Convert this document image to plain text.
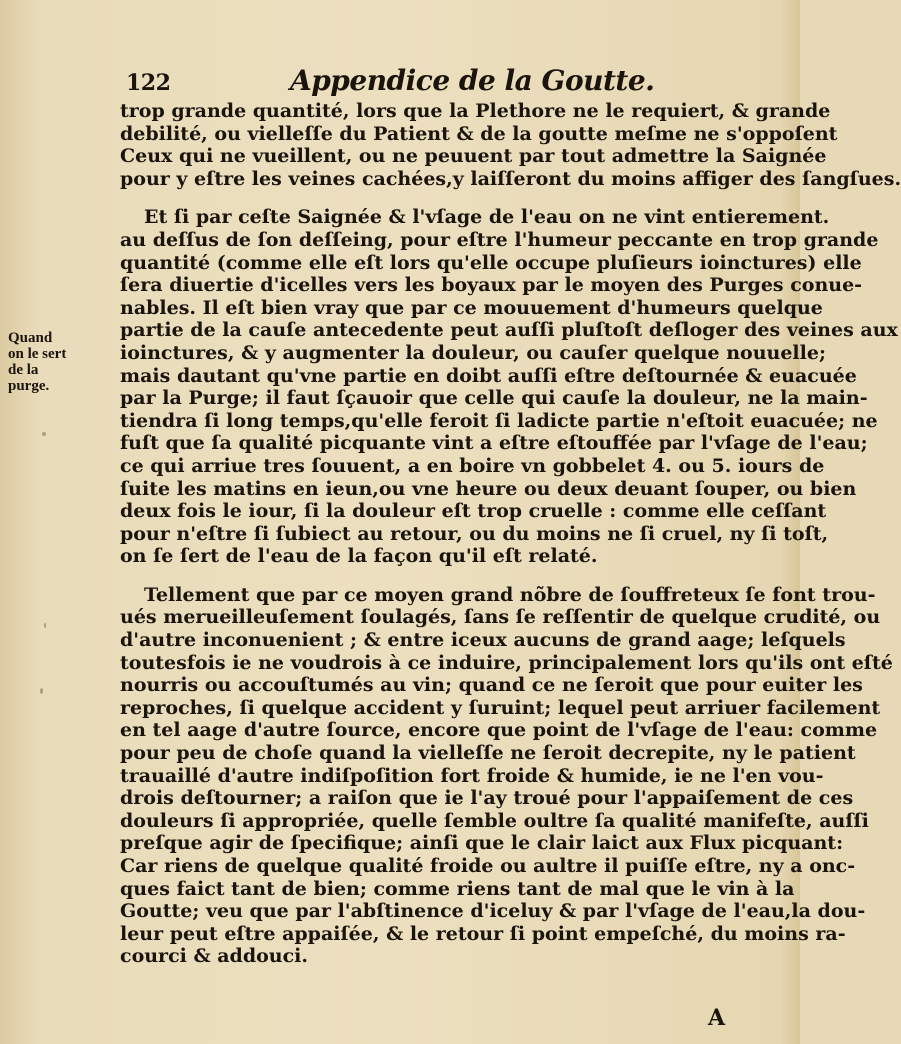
122	Appendice de la Goutte.
Quand
on le sert
de la
purge.
trop grande quantité, lors que la Plethore ne le requiert, & grande
debilité, ou vielleſſe du Patient & de la goutte meſme ne s'oppoſent
Ceux qui ne vueillent, ou ne peuuent par tout admettre la Saignée
pour y eſtre les veines cachées,y laiſſeront du moins affiger des ſangſues.
Et ſi par ceſte Saignée & l'vſage de l'eau on ne vint entierement.
au deſſus de ſon deſſeing, pour eſtre l'humeur peccante en trop grande
quantité (comme elle eſt lors qu'elle occupe pluſieurs ioinctures) elle
ſera diuertie d'icelles vers les boyaux par le moyen des Purges conue-
nables. Il eſt bien vray que par ce mouuement d'humeurs quelque
partie de la cauſe antecedente peut auſſi pluſtoſt deſloger des veines aux
ioinctures, & y augmenter la douleur, ou cauſer quelque nouuelle;
mais dautant qu'vne partie en doibt auſſi eſtre deſtournée & euacuée
par la Purge; il faut ſçauoir que celle qui cauſe la douleur, ne la main-
tiendra ſi long temps,qu'elle feroit ſi ladicte partie n'eſtoit euacuée; ne
fuſt que ſa qualité picquante vint a eſtre eſtouffée par l'vſage de l'eau;
ce qui arriue tres ſouuent, a en boire vn gobbelet 4. ou 5. iours de
ſuite les matins en ieun,ou vne heure ou deux deuant ſouper, ou bien
deux fois le iour, ſi la douleur eſt trop cruelle : comme elle ceſſant
pour n'eſtre ſi ſubiect au retour, ou du moins ne ſi cruel, ny ſi toſt,
on ſe ſert de l'eau de la façon qu'il eſt relaté.
Tellement que par ce moyen grand nõbre de ſouffreteux ſe font trou-
ués merueilleuſement ſoulagés, ſans ſe reſſentir de quelque crudité, ou
d'autre inconuenient ; & entre iceux aucuns de grand aage; leſquels
toutesfois ie ne voudrois à ce induire, principalement lors qu'ils ont eſté
nourris ou accouſtumés au vin; quand ce ne ſeroit que pour euiter les
reproches, ſi quelque accident y ſuruint; lequel peut arriuer facilement
en tel aage d'autre ſource, encore que point de l'vſage de l'eau: comme
pour peu de choſe quand la vielleſſe ne ſeroit decrepite, ny le patient
trauaillé d'autre indiſpoſition fort froide & humide, ie ne l'en vou-
drois deſtourner; a raiſon que ie l'ay troué pour l'appaiſement de ces
douleurs ſi appropriée, quelle ſemble oultre ſa qualité manifeſte, auſſi
preſque agir de ſpecifique; ainſi que le clair laict aux Flux picquant:
Car riens de quelque qualité froide ou aultre il puiſſe eſtre, ny a onc-
ques faict tant de bien; comme riens tant de mal que le vin à la
Goutte; veu que par l'abſtinence d'iceluy & par l'vſage de l'eau,la dou-
leur peut eſtre appaiſée, & le retour ſi point empeſché, du moins ra-
courci & addouci.
A
